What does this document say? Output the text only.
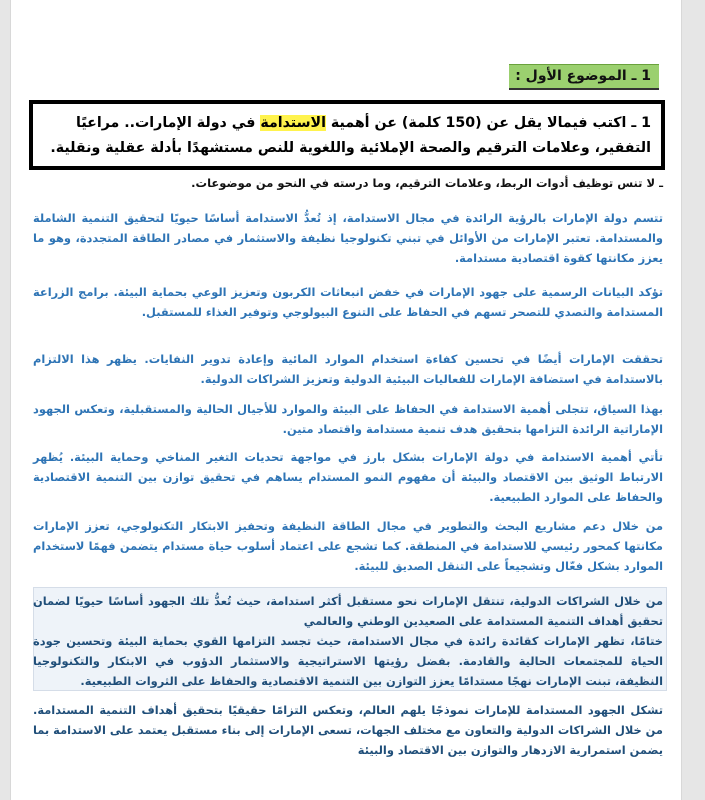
1 ـ الموضوع الأول :
1 ـ اكتب فيمالا يقل عن (150 كلمة) عن أهمية الاستدامة في دولة الإمارات.. مراعيًا التفقير، وعلامات الترقيم والصحة الإملائية واللغوية للنص مستشهدًا بأدلة عقلية ونقلية.
ـ لا تنس توظيف أدوات الربط، وعلامات الترقيم، وما درسته في النحو من موضوعات.

تتسم دولة الإمارات بالرؤية الرائدة في مجال الاستدامة، إذ تُعدُّ الاستدامة أساسًا حيويًا لتحقيق التنمية الشاملة والمستدامة. تعتبر الإمارات من الأوائل في تبني تكنولوجيا نظيفة والاستثمار في مصادر الطاقة المتجددة، وهو ما يعزز مكانتها كقوة اقتصادية مستدامة.

تؤكد البيانات الرسمية على جهود الإمارات في خفض انبعاثات الكربون وتعزيز الوعي بحماية البيئة. برامج الزراعة المستدامة والتصدي للتصحر تسهم في الحفاظ على التنوع البيولوجي وتوفير الغذاء للمستقبل.

تحققت الإمارات أيضًا في تحسين كفاءة استخدام الموارد المائية وإعادة تدوير النفايات. يظهر هذا الالتزام بالاستدامة في استضافة الإمارات للفعاليات البيئية الدولية وتعزيز الشراكات الدولية.

بهذا السياق، تتجلى أهمية الاستدامة في الحفاظ على البيئة والموارد للأجيال الحالية والمستقبلية، وتعكس الجهود الإماراتية الرائدة التزامها بتحقيق هدف تنمية مستدامة واقتصاد متين.

تأتي أهمية الاستدامة في دولة الإمارات بشكل بارز في مواجهة تحديات التغير المناخي وحماية البيئة. يُظهر الارتباط الوثيق بين الاقتصاد والبيئة أن مفهوم النمو المستدام يساهم في تحقيق توازن بين التنمية الاقتصادية والحفاظ على الموارد الطبيعية.

من خلال دعم مشاريع البحث والتطوير في مجال الطاقة النظيفة وتحفيز الابتكار التكنولوجي، تعزز الإمارات مكانتها كمحور رئيسي للاستدامة في المنطقة. كما تشجع على اعتماد أسلوب حياة مستدام يتضمن فهمًا لاستخدام الموارد بشكل فعّال وتشجيعاً على التنقل الصديق للبيئة.

من خلال الشراكات الدولية، تنتقل الإمارات نحو مستقبل أكثر استدامة، حيث تُعدُّ تلك الجهود أساسًا حيويًا لضمان تحقيق أهداف التنمية المستدامة على الصعيدين الوطني والعالمي

ختامًا، تظهر الإمارات كقائدة رائدة في مجال الاستدامة، حيث تجسد التزامها القوي بحماية البيئة وتحسين جودة الحياة للمجتمعات الحالية والقادمة. بفضل رؤيتها الاستراتيجية والاستثمار الدؤوب في الابتكار والتكنولوجيا النظيفة، تبنت الإمارات نهجًا مستدامًا يعزز التوازن بين التنمية الاقتصادية والحفاظ على الثروات الطبيعية.

تشكل الجهود المستدامة للإمارات نموذجًا يلهم العالم، وتعكس التزامًا حقيقيًا بتحقيق أهداف التنمية المستدامة. من خلال الشراكات الدولية والتعاون مع مختلف الجهات، تسعى الإمارات إلى بناء مستقبل يعتمد على الاستدامة بما يضمن استمرارية الازدهار والتوازن بين الاقتصاد والبيئة
